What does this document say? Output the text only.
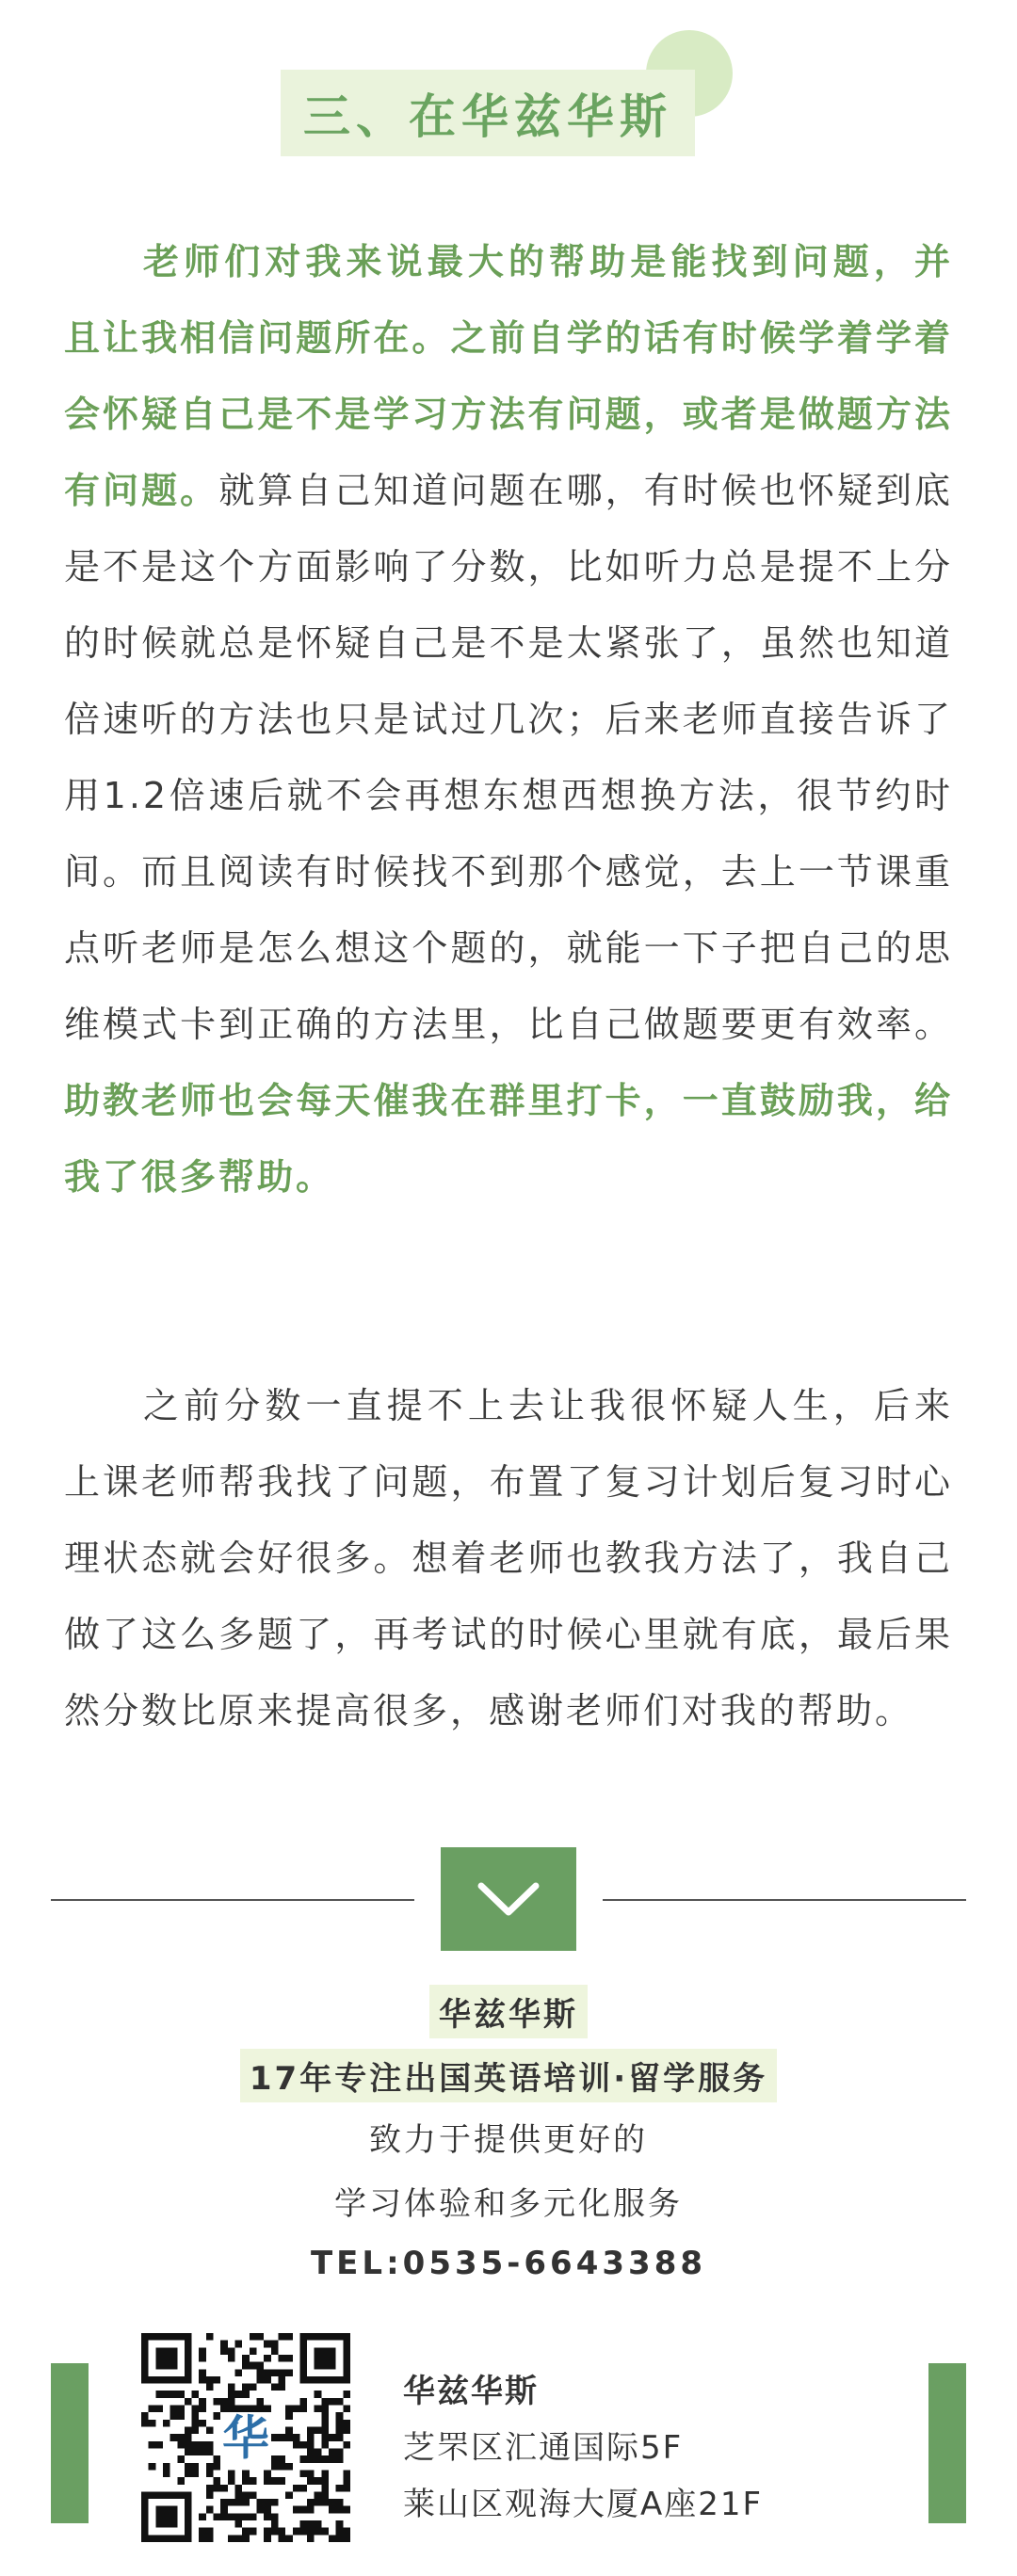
三、在华兹华斯

老师们对我来说最大的帮助是能找到问题，并且让我相信问题所在。之前自学的话有时候学着学着会怀疑自己是不是学习方法有问题，或者是做题方法有问题。就算自己知道问题在哪，有时候也怀疑到底是不是这个方面影响了分数，比如听力总是提不上分的时候就总是怀疑自己是不是太紧张了，虽然也知道倍速听的方法也只是试过几次；后来老师直接告诉了用1.2倍速后就不会再想东想西想换方法，很节约时间。而且阅读有时候找不到那个感觉，去上一节课重点听老师是怎么想这个题的，就能一下子把自己的思维模式卡到正确的方法里，比自己做题要更有效率。助教老师也会每天催我在群里打卡，一直鼓励我，给我了很多帮助。

之前分数一直提不上去让我很怀疑人生，后来上课老师帮我找了问题，布置了复习计划后复习时心理状态就会好很多。想着老师也教我方法了，我自己做了这么多题了，再考试的时候心里就有底，最后果然分数比原来提高很多，感谢老师们对我的帮助。

华兹华斯
17年专注出国英语培训·留学服务
致力于提供更好的
学习体验和多元化服务
TEL:0535-6643388
华
华兹华斯
芝罘区汇通国际5F
莱山区观海大厦A座21F
